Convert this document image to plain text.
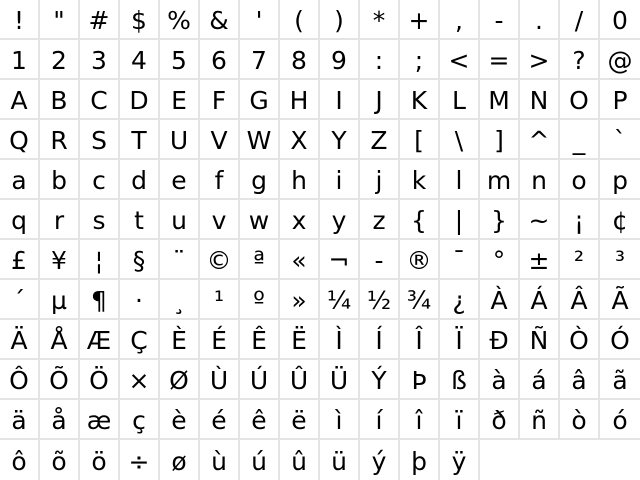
!	" # $ % &	'	(	)	* +	,	-	.	/	0
1 2 3 4 5 6 7 8 9	:	;	< = > ? @
A B C D E F G H	I	J	K L M N O P
Q R S T U V W X Y Z	[	\	] ^ _	`
a b	c	d e	f	g h	i	j	k	l m n o	p
q	r	s	t	u v w x	y	z	{	|	} ~ ¡	¢
£ ¥	¦	§	¨ © ª	« ¬	- ® ¯	° ± ²	³
´	µ ¶	·	¸	¹	º	» ¼ ½ ¾ ¿ À Á Â Ã
Ä Å Æ Ç È É Ê Ë	Ì	Í	Î	Ï	Ð Ñ Ò Ó
Ô Õ Ö × Ø Ù Ú Û Ü Ý Þ ß à á â	ã
ä å æ ç	è é ê ë	ì	í	î	ï	ð ñ ò	ó
ô õ ö ÷ ø ù ú û ü ý þ ÿ
